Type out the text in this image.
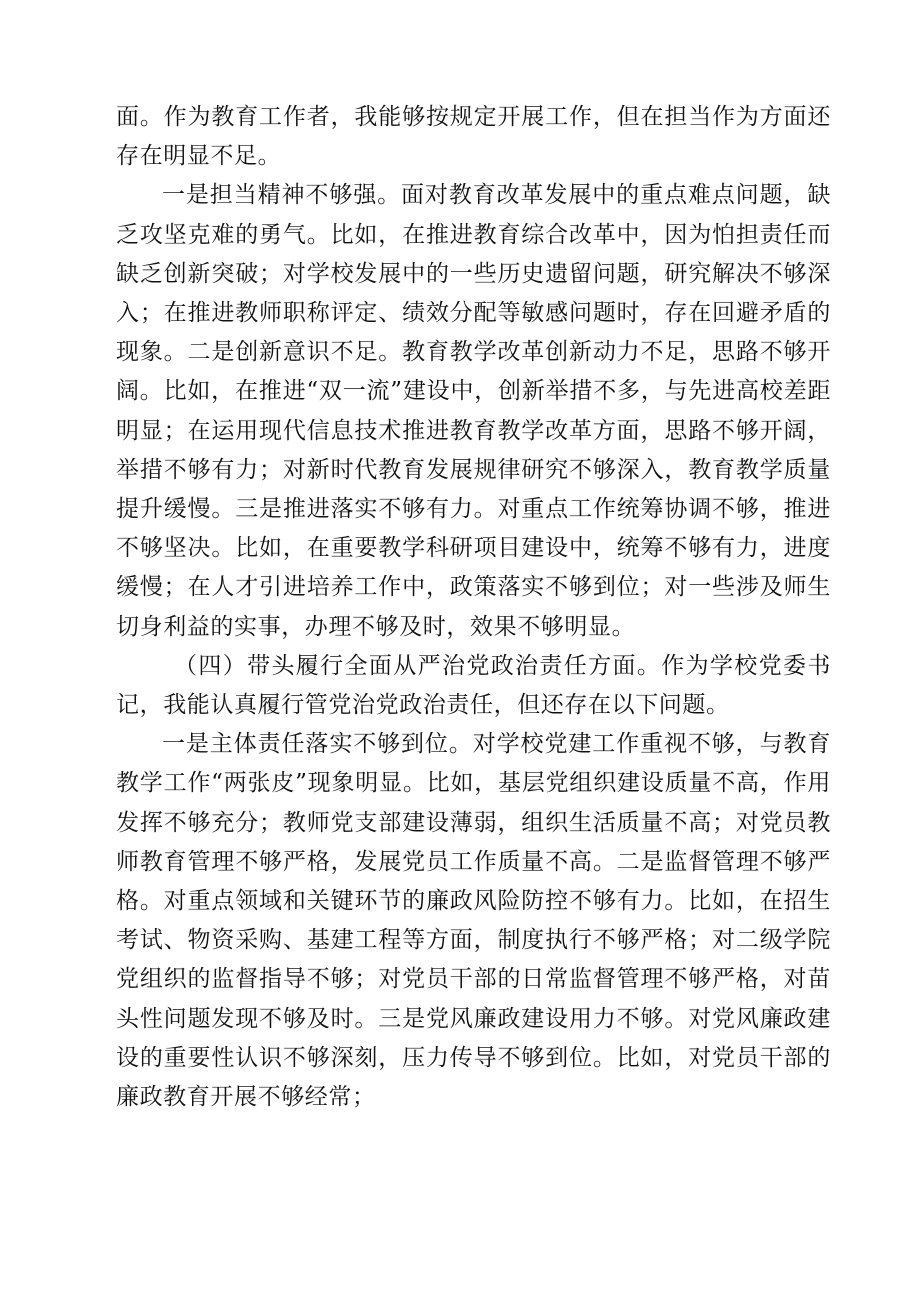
面。作为教育工作者，我能够按规定开展工作，但在担当作为方面还存在明显不足。

一是担当精神不够强。面对教育改革发展中的重点难点问题，缺乏攻坚克难的勇气。比如，在推进教育综合改革中，因为怕担责任而缺乏创新突破；对学校发展中的一些历史遗留问题，研究解决不够深入；在推进教师职称评定、绩效分配等敏感问题时，存在回避矛盾的现象。二是创新意识不足。教育教学改革创新动力不足，思路不够开阔。比如，在推进“双一流”建设中，创新举措不多，与先进高校差距明显；在运用现代信息技术推进教育教学改革方面，思路不够开阔，举措不够有力；对新时代教育发展规律研究不够深入，教育教学质量提升缓慢。三是推进落实不够有力。对重点工作统筹协调不够，推进不够坚决。比如，在重要教学科研项目建设中，统筹不够有力，进度缓慢；在人才引进培养工作中，政策落实不够到位；对一些涉及师生切身利益的实事，办理不够及时，效果不够明显。

（四）带头履行全面从严治党政治责任方面。作为学校党委书记，我能认真履行管党治党政治责任，但还存在以下问题。

一是主体责任落实不够到位。对学校党建工作重视不够，与教育教学工作“两张皮”现象明显。比如，基层党组织建设质量不高，作用发挥不够充分；教师党支部建设薄弱，组织生活质量不高；对党员教师教育管理不够严格，发展党员工作质量不高。二是监督管理不够严格。对重点领域和关键环节的廉政风险防控不够有力。比如，在招生考试、物资采购、基建工程等方面，制度执行不够严格；对二级学院党组织的监督指导不够；对党员干部的日常监督管理不够严格，对苗头性问题发现不够及时。三是党风廉政建设用力不够。对党风廉政建设的重要性认识不够深刻，压力传导不够到位。比如，对党员干部的廉政教育开展不够经常；
